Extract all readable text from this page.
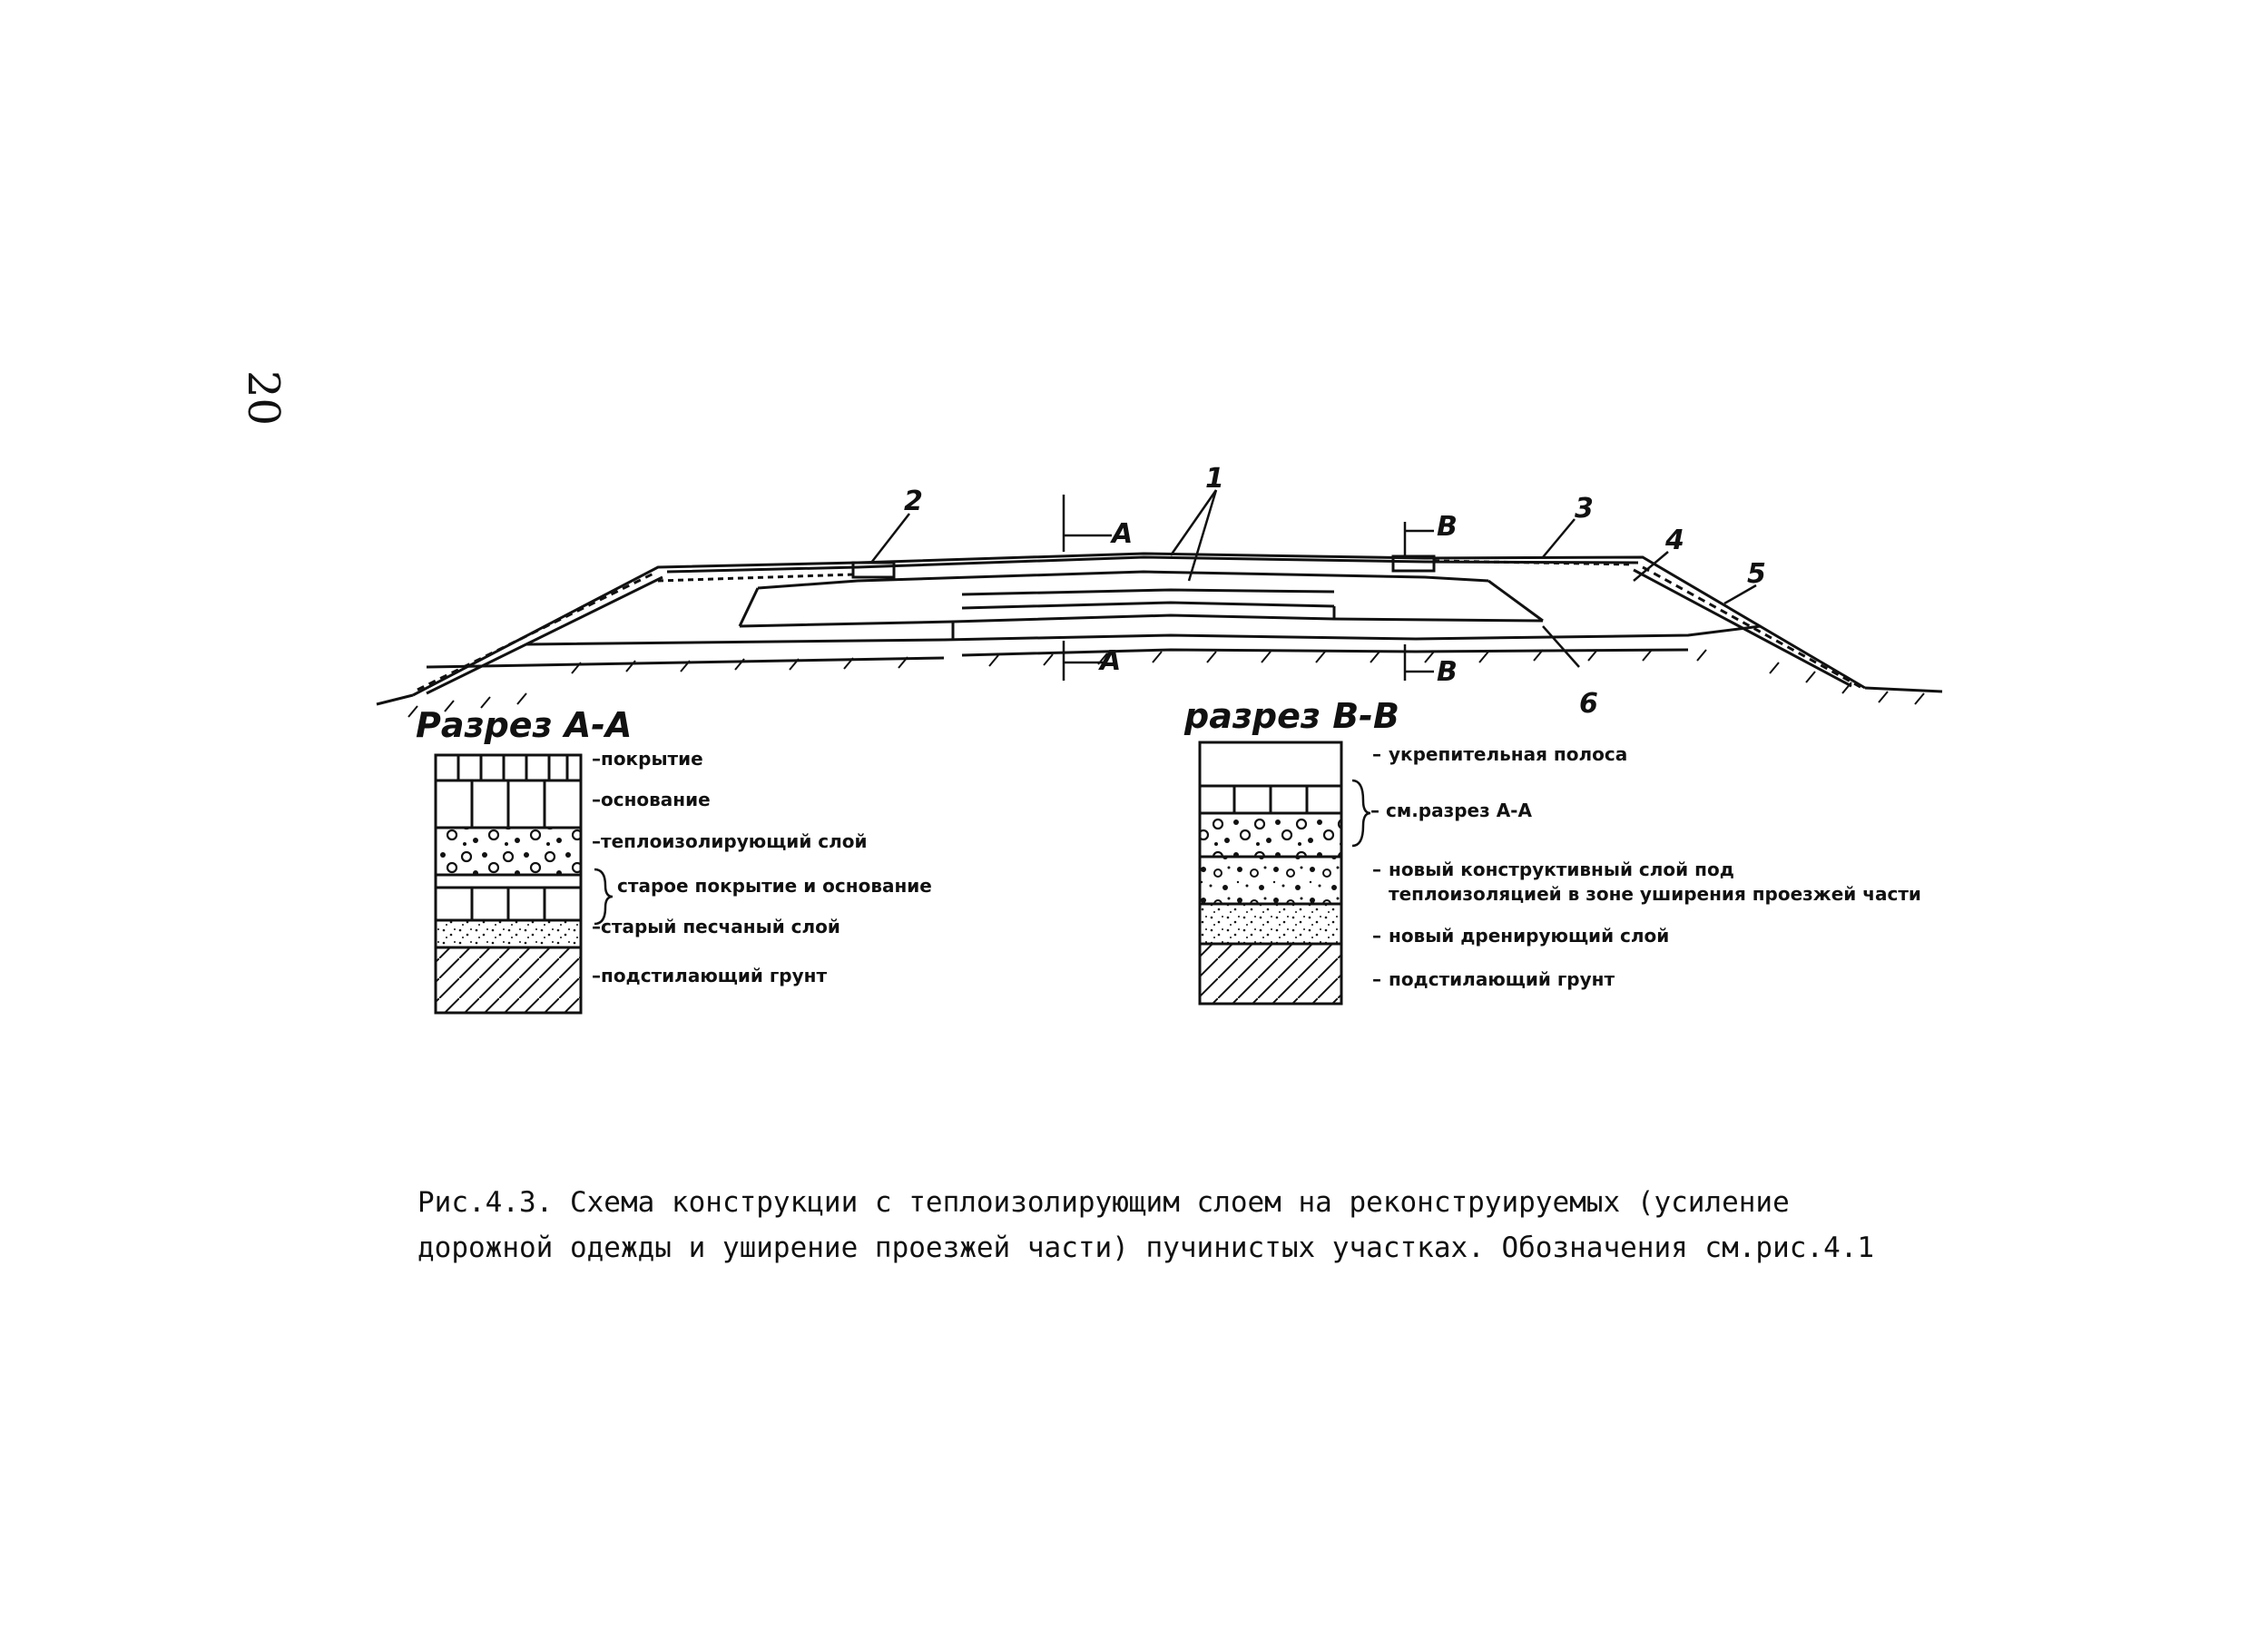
20
1
2	3
4
5
6
А
А
В
В
Разрез А-А
покрытие
основание
теплоизолирующий слой
старое покрытие и основание
старый песчаный слой
подстилающий грунт
–
–
–
–
–
разрез В-В
укрепительная полоса
см.разрез А-А
новый конструктивный слой под
теплоизоляцией в зоне уширения проезжей части
новый дренирующий слой
подстилающий грунт
–
–
–
–
–
Рис.4.3. Схема конструкции с теплоизолирующим слоем на реконструируемых (усиление
дорожной одежды и уширение проезжей части) пучинистых участках. Обозначения см.рис.4.1
